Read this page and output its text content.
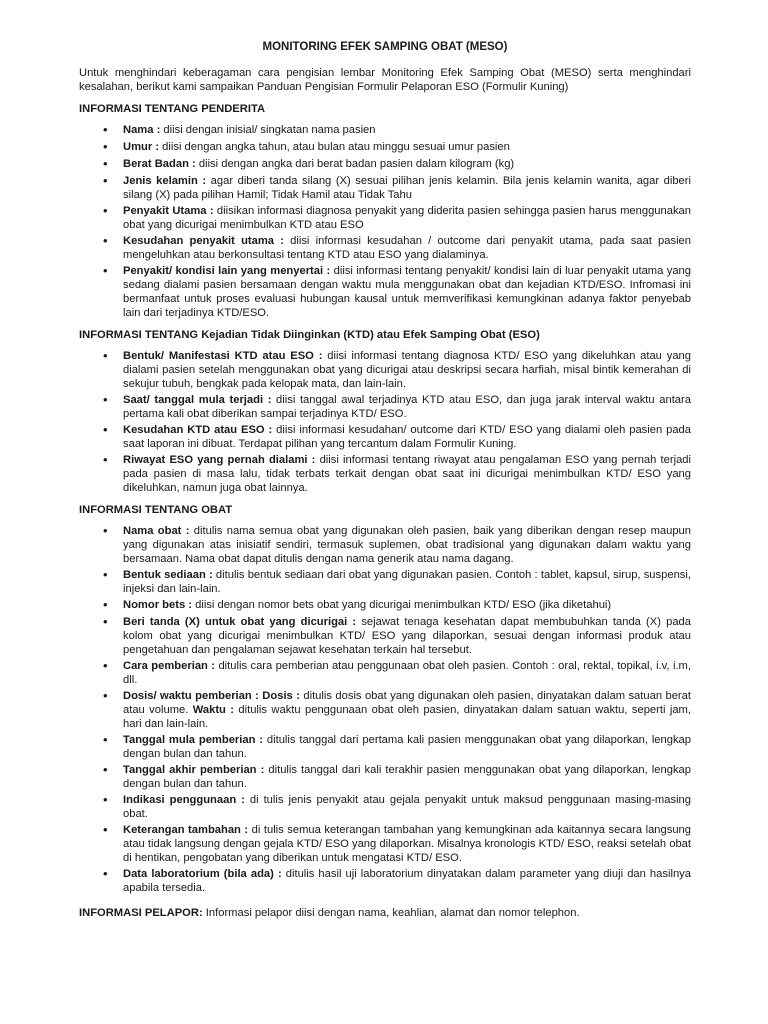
MONITORING EFEK SAMPING OBAT (MESO)

Untuk menghindari keberagaman cara pengisian lembar Monitoring Efek Samping Obat (MESO) serta menghindari kesalahan, berikut kami sampaikan Panduan Pengisian Formulir Pelaporan ESO (Formulir Kuning)

INFORMASI TENTANG PENDERITA

•
Nama : diisi dengan inisial/ singkatan nama pasien
•
Umur : diisi dengan angka tahun, atau bulan atau minggu sesuai umur pasien
•
Berat Badan : diisi dengan angka dari berat badan pasien dalam kilogram (kg)
•
Jenis kelamin : agar diberi tanda silang (X) sesuai pilihan jenis kelamin. Bila jenis kelamin wanita, agar diberi silang (X) pada pilihan Hamil; Tidak Hamil atau Tidak Tahu
•
Penyakit Utama : diisikan informasi diagnosa penyakit yang diderita pasien sehingga pasien harus menggunakan obat yang dicurigai menimbulkan KTD atau ESO
•
Kesudahan penyakit utama : diisi informasi kesudahan / outcome dari penyakit utama, pada saat pasien mengeluhkan atau berkonsultasi tentang KTD atau ESO yang dialaminya.
•
Penyakit/ kondisi lain yang menyertai : diisi informasi tentang penyakit/ kondisi lain di luar penyakit utama yang sedang dialami pasien bersamaan dengan waktu mula menggunakan obat dan kejadian KTD/ESO. Infromasi ini bermanfaat untuk proses evaluasi hubungan kausal untuk memverifikasi kemungkinan adanya faktor penyebab lain dari terjadinya KTD/ESO.

INFORMASI TENTANG Kejadian Tidak Diinginkan (KTD) atau Efek Samping Obat (ESO)

•
Bentuk/ Manifestasi KTD atau ESO : diisi informasi tentang diagnosa KTD/ ESO yang dikeluhkan atau yang dialami pasien setelah menggunakan obat yang dicurigai atau deskripsi secara harfiah, misal bintik kemerahan di sekujur tubuh, bengkak pada kelopak mata, dan lain-lain.
•
Saat/ tanggal mula terjadi : diisi tanggal awal terjadinya KTD atau ESO, dan juga jarak interval waktu antara pertama kali obat diberikan sampai terjadinya KTD/ ESO.
•
Kesudahan KTD atau ESO : diisi informasi kesudahan/ outcome dari KTD/ ESO yang dialami oleh pasien pada saat laporan ini dibuat. Terdapat pilihan yang tercantum dalam Formulir Kuning.
•
Riwayat ESO yang pernah dialami : diisi informasi tentang riwayat atau pengalaman ESO yang pernah terjadi pada pasien di masa lalu, tidak terbats terkait dengan obat saat ini dicurigai menimbulkan KTD/ ESO yang dikeluhkan, namun juga obat lainnya.

INFORMASI TENTANG OBAT

•
Nama obat : ditulis nama semua obat yang digunakan oleh pasien, baik yang diberikan dengan resep maupun yang digunakan atas inisiatif sendiri, termasuk suplemen, obat tradisional yang digunakan dalam waktu yang bersamaan. Nama obat dapat ditulis dengan nama generik atau nama dagang.
•
Bentuk sediaan : ditulis bentuk sediaan dari obat yang digunakan pasien. Contoh : tablet, kapsul, sirup, suspensi, injeksi dan lain-lain.
•
Nomor bets : diisi dengan nomor bets obat yang dicurigai menimbulkan KTD/ ESO (jika diketahui)
•
Beri tanda (X) untuk obat yang dicurigai : sejawat tenaga kesehatan dapat membubuhkan tanda (X) pada kolom obat yang dicurigai menimbulkan KTD/ ESO yang dilaporkan, sesuai dengan informasi produk atau pengetahuan dan pengalaman sejawat kesehatan terkain hal tersebut.
•
Cara pemberian : ditulis cara pemberian atau penggunaan obat oleh pasien. Contoh : oral, rektal, topikal, i.v, i.m, dll.
•
Dosis/ waktu pemberian : Dosis : ditulis dosis obat yang digunakan oleh pasien, dinyatakan dalam satuan berat atau volume. Waktu : ditulis waktu penggunaan obat oleh pasien, dinyatakan dalam satuan waktu, seperti jam, hari dan lain-lain.
•
Tanggal mula pemberian : ditulis tanggal dari pertama kali pasien menggunakan obat yang dilaporkan, lengkap dengan bulan dan tahun.
•
Tanggal akhir pemberian : ditulis tanggal dari kali terakhir pasien menggunakan obat yang dilaporkan, lengkap dengan bulan dan tahun.
•
Indikasi penggunaan : di tulis jenis penyakit atau gejala penyakit untuk maksud penggunaan masing-masing obat.
•
Keterangan tambahan : di tulis semua keterangan tambahan yang kemungkinan ada kaitannya secara langsung atau tidak langsung dengan gejala KTD/ ESO yang dilaporkan. Misalnya kronologis KTD/ ESO, reaksi setelah obat di hentikan, pengobatan yang diberikan untuk mengatasi KTD/ ESO.
•
Data laboratorium (bila ada) : ditulis hasil uji laboratorium dinyatakan dalam parameter yang diuji dan hasilnya apabila tersedia.

INFORMASI PELAPOR: Informasi pelapor diisi dengan nama, keahlian, alamat dan nomor telephon.
